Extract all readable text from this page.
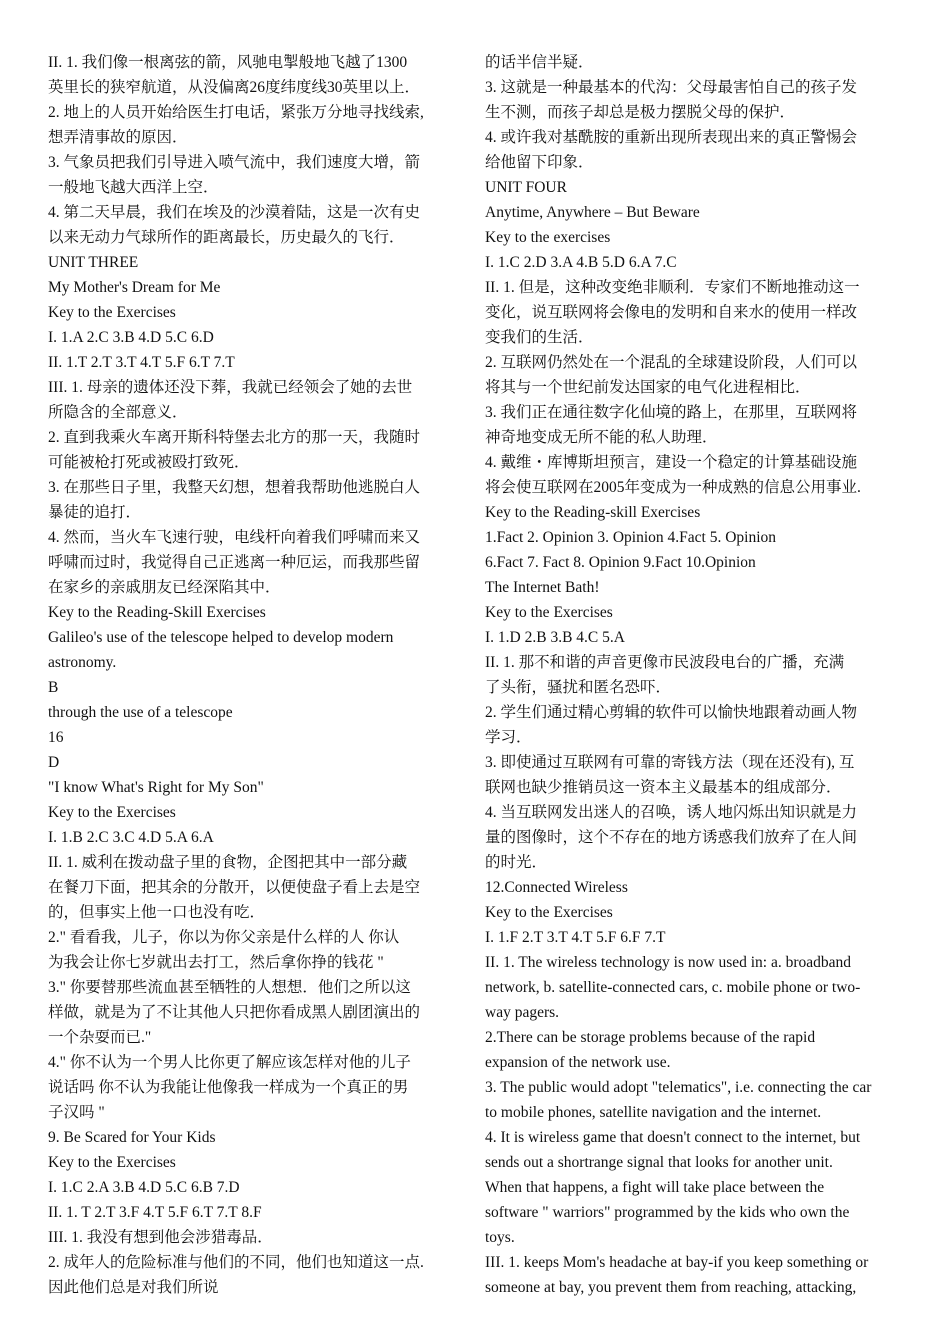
II. 1. 我们像一根离弦的箭，风驰电掣般地飞越了1300
英里长的狭窄航道，从没偏离26度纬度线30英里以上．
2. 地上的人员开始给医生打电话，紧张万分地寻找线索,
想弄清事故的原因．
3. 气象员把我们引导进入喷气流中，我们速度大增，箭
一般地飞越大西洋上空．
4. 第二天早晨，我们在埃及的沙漠着陆，这是一次有史
以来无动力气球所作的距离最长，历史最久的飞行．
UNIT THREE
My Mother's Dream for Me
Key to the Exercises
I. 1.A 2.C 3.B 4.D 5.C 6.D
II. 1.T 2.T 3.T 4.T 5.F 6.T 7.T
III. 1. 母亲的遗体还没下葬，我就已经领会了她的去世
所隐含的全部意义．
2. 直到我乘火车离开斯科特堡去北方的那一天，我随时
可能被枪打死或被殴打致死．
3. 在那些日子里，我整天幻想，想着我帮助他逃脱白人
暴徒的追打．
4. 然而，当火车飞速行驶，电线杆向着我们呼啸而来又
呼啸而过时，我觉得自己正逃离一种厄运，而我那些留
在家乡的亲戚朋友已经深陷其中．
Key to the Reading-Skill Exercises
Galileo's use of the telescope helped to develop modern
astronomy.
B
through the use of a telescope
16
D
"I know What's Right for My Son"
Key to the Exercises
I. 1.B 2.C 3.C 4.D 5.A 6.A
II. 1. 威利在拨动盘子里的食物，企图把其中一部分藏
在餐刀下面，把其余的分散开，以便使盘子看上去是空
的，但事实上他一口也没有吃．
2." 看看我，儿子，你以为你父亲是什么样的人 你认
为我会让你七岁就出去打工，然后拿你挣的钱花 "
3." 你要替那些流血甚至牺牲的人想想．他们之所以这
样做，就是为了不让其他人只把你看成黑人剧团演出的
一个杂耍而已."
4." 你不认为一个男人比你更了解应该怎样对他的儿子
说话吗 你不认为我能让他像我一样成为一个真正的男
子汉吗 "
9. Be Scared for Your Kids
Key to the Exercises
I. 1.C 2.A 3.B 4.D 5.C 6.B 7.D
II. 1. T 2.T 3.F 4.T 5.F 6.T 7.T 8.F
III. 1. 我没有想到他会涉猎毒品．
2. 成年人的危险标准与他们的不同，他们也知道这一点.
因此他们总是对我们所说
的话半信半疑．
3. 这就是一种最基本的代沟：父母最害怕自己的孩子发
生不测，而孩子却总是极力摆脱父母的保护．
4. 或许我对基酰胺的重新出现所表现出来的真正警惕会
给他留下印象．
UNIT FOUR
Anytime, Anywhere – But Beware
Key to the exercises
I. 1.C 2.D 3.A 4.B 5.D 6.A 7.C
II. 1. 但是，这种改变绝非顺利．专家们不断地推动这一
变化，说互联网将会像电的发明和自来水的使用一样改
变我们的生活．
2. 互联网仍然处在一个混乱的全球建设阶段，人们可以
将其与一个世纪前发达国家的电气化进程相比．
3. 我们正在通往数字化仙境的路上，在那里，互联网将
神奇地变成无所不能的私人助理．
4. 戴维・库博斯坦预言，建设一个稳定的计算基础设施
将会使互联网在2005年变成为一种成熟的信息公用事业.
Key to the Reading-skill Exercises
1.Fact 2. Opinion 3. Opinion 4.Fact 5. Opinion
6.Fact 7. Fact 8. Opinion 9.Fact 10.Opinion
The Internet Bath!
Key to the Exercises
I. 1.D 2.B 3.B 4.C 5.A
II. 1. 那不和谐的声音更像市民波段电台的广播，充满
了头衔，骚扰和匿名恐吓．
2. 学生们通过精心剪辑的软件可以愉快地跟着动画人物
学习．
3. 即使通过互联网有可靠的寄钱方法（现在还没有), 互
联网也缺少推销员这一资本主义最基本的组成部分．
4. 当互联网发出迷人的召唤，诱人地闪烁出知识就是力
量的图像时，这个不存在的地方诱惑我们放弃了在人间
的时光．
12.Connected Wireless
Key to the Exercises
I. 1.F 2.T 3.T 4.T 5.F 6.F 7.T
II. 1. The wireless technology is now used in: a. broadband
network, b. satellite-connected cars, c. mobile phone or two-
way pagers.
2.There can be storage problems because of the rapid
expansion of the network use.
3. The public would adopt "telematics", i.e. connecting the car
to mobile phones, satellite navigation and the internet.
4. It is wireless game that doesn't connect to the internet, but
sends out a shortrange signal that looks for another unit.
When that happens, a fight will take place between the
software " warriors" programmed by the kids who own the
toys.
III. 1. keeps Mom's headache at bay-if you keep something or
someone at bay, you prevent them from reaching, attacking,
